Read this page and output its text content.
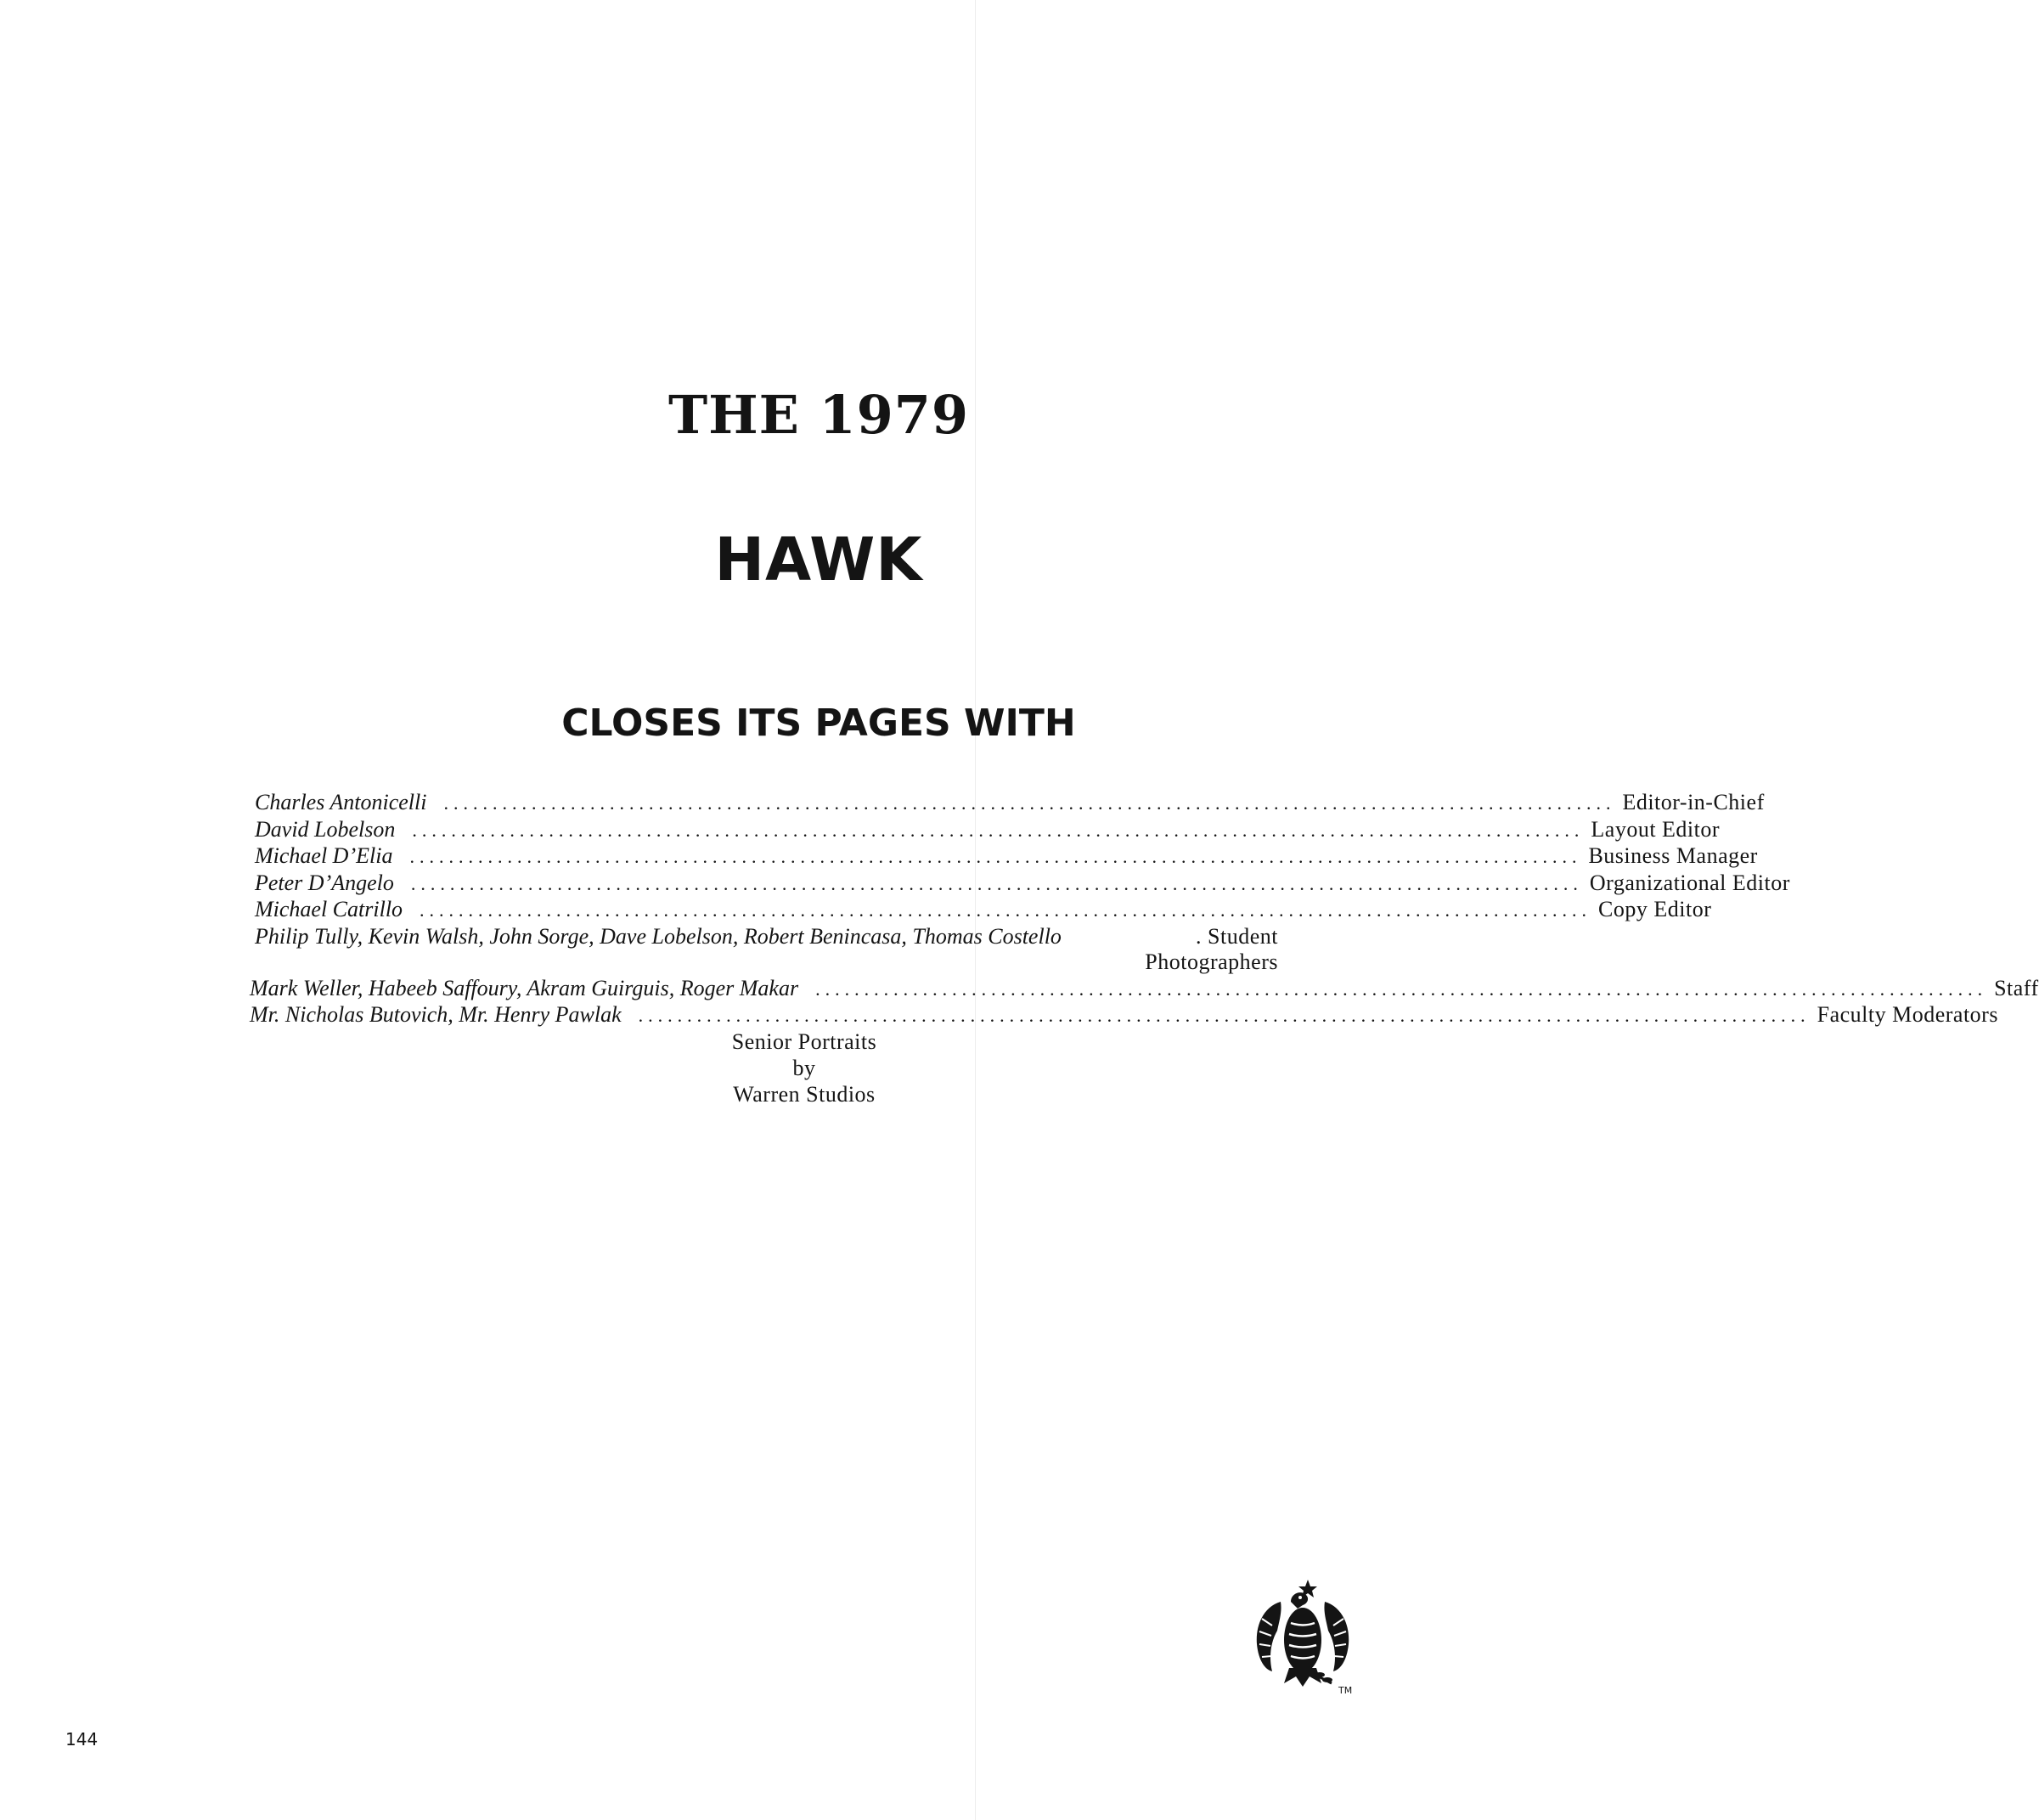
THE 1979
HAWK
CLOSES ITS PAGES WITH
Charles Antonicelli ........................................................................................................................ Editor-in-Chief
David Lobelson ........................................................................................................................ Layout Editor
Michael D’Elia ........................................................................................................................ Business Manager
Peter D’Angelo ........................................................................................................................ Organizational Editor
Michael Catrillo ........................................................................................................................ Copy Editor
Philip Tully, Kevin Walsh, John Sorge, Dave Lobelson, Robert Benincasa, Thomas Costello	. Student
Photographers
Mark Weller, Habeeb Saffoury, Akram Guirguis, Roger Makar ........................................................................................................................ Staff
Mr. Nicholas Butovich, Mr. Henry Pawlak ........................................................................................................................ Faculty Moderators
Senior Portraits
by
Warren Studios
TM
144
